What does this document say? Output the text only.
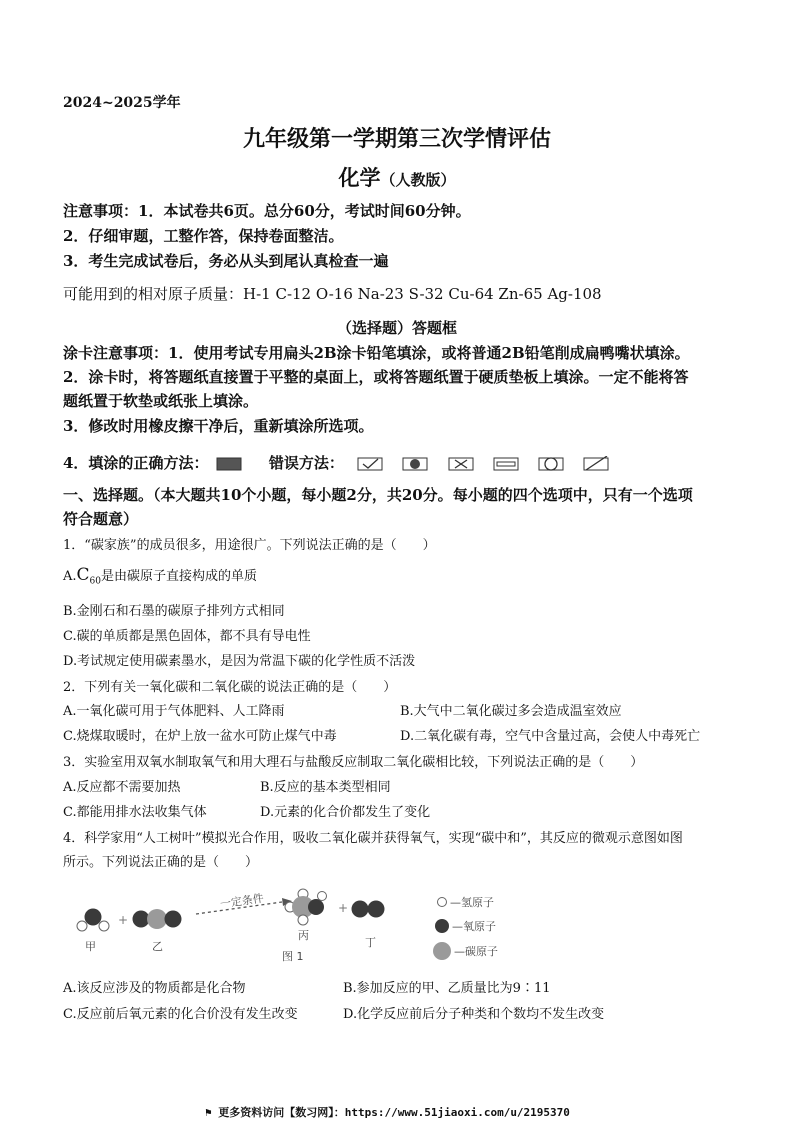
2024~2025学年
九年级第一学期第三次学情评估
化学（人教版）
注意事项：1．本试卷共6页。总分60分，考试时间60分钟。
2．仔细审题，工整作答，保持卷面整洁。
3．考生完成试卷后，务必从头到尾认真检查一遍
可能用到的相对原子质量：H-1 C-12 O-16 Na-23 S-32 Cu-64 Zn-65 Ag-108
（选择题）答题框
涂卡注意事项：1．使用考试专用扁头2B涂卡铅笔填涂，或将普通2B铅笔削成扁鸭嘴状填涂。
2．涂卡时，将答题纸直接置于平整的桌面上，或将答题纸置于硬质垫板上填涂。一定不能将答
题纸置于软垫或纸张上填涂。
3．修改时用橡皮擦干净后，重新填涂所选项。
4．填涂的正确方法：	错误方法：
一、选择题。（本大题共10个小题，每小题2分，共20分。每小题的四个选项中，只有一个选项
符合题意）
1．“碳家族”的成员很多，用途很广。下列说法正确的是（　　）
$A.C_{60}$是由碳原子直接构成的单质
B.金刚石和石墨的碳原子排列方式相同
C.碳的单质都是黑色固体，都不具有导电性
D.考试规定使用碳素墨水，是因为常温下碳的化学性质不活泼
2．下列有关一氧化碳和二氧化碳的说法正确的是（　　）
A.一氧化碳可用于气体肥料、人工降雨	B.大气中二氧化碳过多会造成温室效应
C.烧煤取暖时，在炉上放一盆水可防止煤气中毒	D.二氧化碳有毒，空气中含量过高，会使人中毒死亡
3．实验室用双氧水制取氧气和用大理石与盐酸反应制取二氧化碳相比较，下列说法正确的是（　　）
A.反应都不需要加热	B.反应的基本类型相同
C.都能用排水法收集气体	D.元素的化合价都发生了变化
4．科学家用“人工树叶”模拟光合作用，吸收二氧化碳并获得氧气，实现“碳中和”，其反应的微观示意图如图
所示。下列说法正确的是（　　）
+
一定条件	+
甲	乙
丙
丁
图 1
—氢原子
—氧原子
—碳原子
A.该反应涉及的物质都是化合物	B.参加反应的甲、乙质量比为9∶11
C.反应前后氧元素的化合价没有发生改变	D.化学反应前后分子种类和个数均不发生改变
⚑ 更多资料访问【数习网】：https://www.51jiaoxi.com/u/2195370
